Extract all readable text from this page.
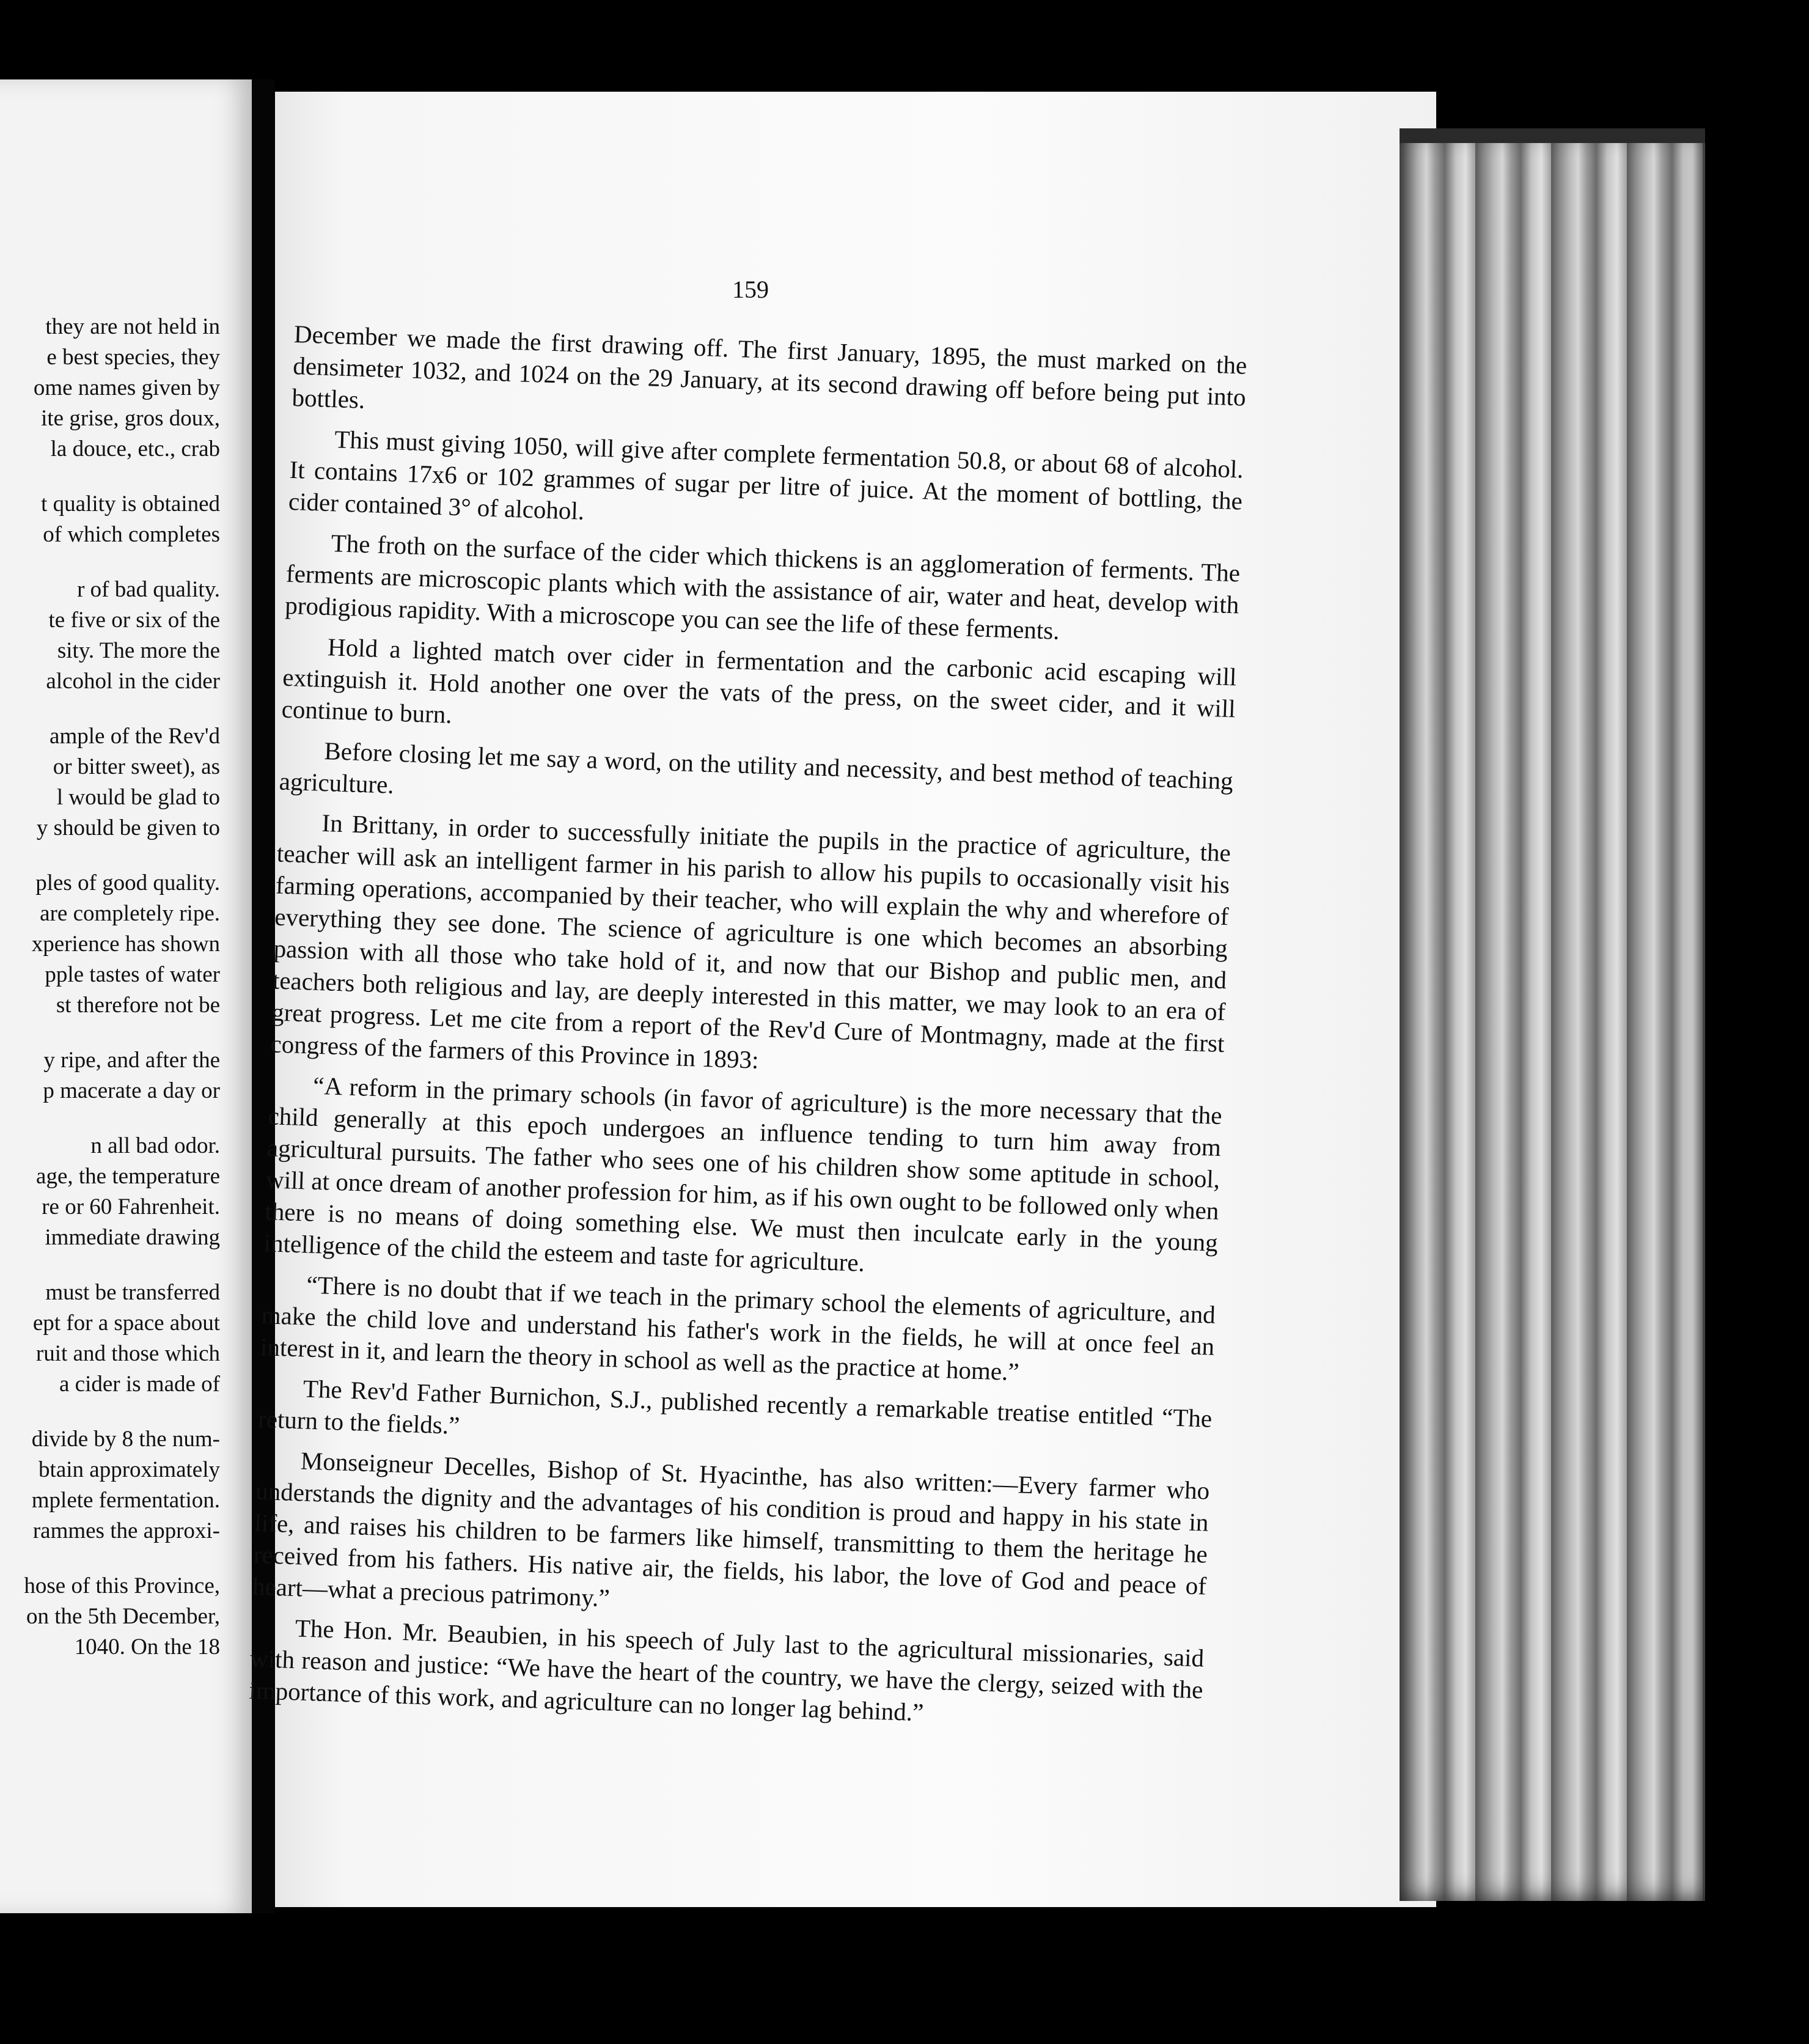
they are not held in
e best species, they
ome names given by
ite grise, gros doux,
la douce, etc., crab
t quality is obtained
of which completes
r of bad quality.
te five or six of the
sity. The more the
alcohol in the cider
ample of the Rev'd
or bitter sweet), as
l would be glad to
y should be given to
ples of good quality.
are completely ripe.
xperience has shown
pple tastes of water
st therefore not be
y ripe, and after the
p macerate a day or
n all bad odor.
age, the temperature
re or 60 Fahrenheit.
immediate drawing
must be transferred
ept for a space about
ruit and those which
a cider is made of
divide by 8 the num-
btain approximately
mplete fermentation.
rammes the approxi-
hose of this Province,
on the 5th December,
1040. On the 18
159

December we made the first drawing off. The first January, 1895, the must marked on the densimeter 1032, and 1024 on the 29 January, at its second drawing off before being put into bottles.

This must giving 1050, will give after complete fermentation 50.8, or about 68 of alcohol. It contains 17x6 or 102 grammes of sugar per litre of juice. At the moment of bottling, the cider contained 3° of alcohol.

The froth on the surface of the cider which thickens is an agglomeration of ferments. The ferments are microscopic plants which with the assistance of air, water and heat, develop with prodigious rapidity. With a microscope you can see the life of these ferments.

Hold a lighted match over cider in fermentation and the carbonic acid escaping will extinguish it. Hold another one over the vats of the press, on the sweet cider, and it will continue to burn.

Before closing let me say a word, on the utility and necessity, and best method of teaching agriculture.

In Brittany, in order to successfully initiate the pupils in the practice of agriculture, the teacher will ask an intelligent farmer in his parish to allow his pupils to occasionally visit his farming operations, accompanied by their teacher, who will explain the why and wherefore of everything they see done. The science of agriculture is one which becomes an absorbing passion with all those who take hold of it, and now that our Bishop and public men, and teachers both religious and lay, are deeply interested in this matter, we may look to an era of great progress. Let me cite from a report of the Rev'd Cure of Montmagny, made at the first congress of the farmers of this Province in 1893:

“A reform in the primary schools (in favor of agriculture) is the more necessary that the child generally at this epoch undergoes an influence tending to turn him away from agricultural pursuits. The father who sees one of his children show some aptitude in school, will at once dream of another profession for him, as if his own ought to be followed only when there is no means of doing something else. We must then inculcate early in the young intelligence of the child the esteem and taste for agriculture.

“There is no doubt that if we teach in the primary school the elements of agriculture, and make the child love and understand his father's work in the fields, he will at once feel an interest in it, and learn the theory in school as well as the practice at home.”

The Rev'd Father Burnichon, S.J., published recently a remarkable treatise entitled “The return to the fields.”

Monseigneur Decelles, Bishop of St. Hyacinthe, has also written:—Every farmer who understands the dignity and the advantages of his condition is proud and happy in his state in life, and raises his children to be farmers like himself, transmitting to them the heritage he received from his fathers. His native air, the fields, his labor, the love of God and peace of heart—what a precious patrimony.”

The Hon. Mr. Beaubien, in his speech of July last to the agricultural missionaries, said with reason and justice: “We have the heart of the country, we have the clergy, seized with the importance of this work, and agriculture can no longer lag behind.”
